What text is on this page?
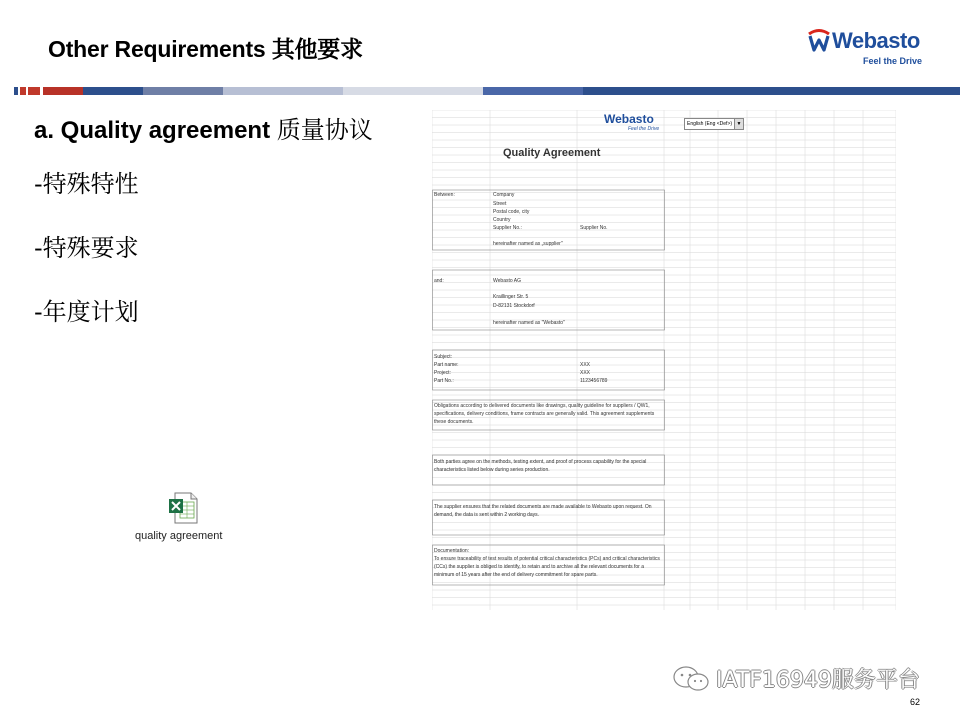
Other Requirements 其他要求	Webasto
Feel the Drive
a. Quality agreement 质量协议
-特殊特性
-特殊要求
-年度计划
quality agreement
Webasto
Feel the Drive
English (Eng <Def>) ▼
Quality Agreement
Between:	Company
Street
Postal code, city
Country
Supplier No.:	Supplier No.
hereinafter named as „supplier"
and:	Webasto AG
Kraillinger Str. 5
D-82131 Stockdorf
hereinafter named as "Webasto"
Subject:
Part name:	XXX
Project:	XXX
Part No.:	1123456789
Obligations according to delivered documents like drawings, quality guideline for suppliers / QW1, specifications, delivery conditions, frame contracts are generally valid. This agreement supplements these documents.
Both parties agree on the methods, testing extent, and proof of process capability for the special characteristics listed below during series production.
The supplier ensures that the related documents are made available to Webasto upon request. On demand, the data is sent within 2 working days.
Documentation:
To ensure traceability of test results of potential critical characteristics (PCs) and critical characteristics (CCs) the supplier is obliged to identify, to retain and to archive all the relevant documents for a minimum of 15 years after the end of delivery commitment for spare parts.
IATF16949服务平台
62
